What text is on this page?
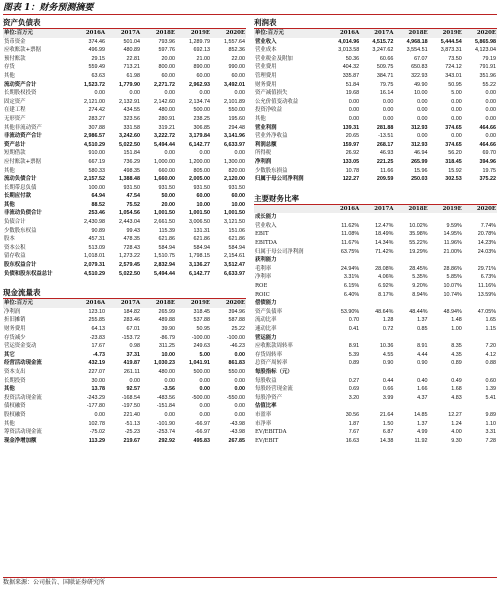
图表 1：财务预测摘要
资产负债表
单位:百万元	2016A	2017A	2018E	2019E	2020E
货币资金	374.46	501.04	793.96	1,289.79	1,557.64
应收账款+票据	496.99	480.89	597.76	692.13	852.36
预付账款	29.15	22.81	20.00	21.00	22.00
存货	559.49	713.21	800.00	890.00	990.00
其他	63.63	61.98	60.00	60.00	60.00
流动资产合计	1,523.72	1,779.90	2,271.72	2,962.93	3,492.01
长期股权投资	0.00	0.00	0.00	0.00	0.00
固定资产	2,121.00	2,132.91	2,142.60	2,134.74	2,101.89
在建工程	274.42	434.55	480.00	500.00	550.00
无形资产	283.27	323.56	280.91	238.25	195.60
其他非流动资产	307.88	331.58	319.21	306.85	294.48
非流动资产合计	2,986.57	3,242.60	3,222.72	3,179.84	3,141.96
资产总计	4,510.29	5,022.50	5,494.44	6,142.77	6,633.97
短期借款	910.00	151.84	0.00	0.00	0.00
应付账款+票据	667.19	736.29	1,000.00	1,200.00	1,300.00
其他	580.33	498.35	660.00	805.00	820.00
流动负债合计	2,157.52	1,388.48	1,660.00	2,005.00	2,120.00
长期带息负债	100.00	931.50	931.50	931.50	931.50
长期应付款	64.94	47.54	50.00	60.00	60.00
其他	88.52	75.52	20.00	10.00	10.00
非流动负债合计	253.46	1,054.56	1,001.50	1,001.50	1,001.50
负债合计	2,430.98	2,443.04	2,661.50	3,006.50	3,121.50
少数股东权益	90.89	99.43	115.39	131.31	151.06
股本	457.31	478.35	621.86	621.86	621.86
资本公积	513.09	728.43	584.94	584.94	584.94
留存收益	1,018.01	1,273.22	1,510.75	1,798.15	2,154.61
股东权益合计	2,079.31	2,579.45	2,832.94	3,136.27	3,512.47
负债和股东权益总计	4,510.29	5,022.50	5,494.44	6,142.77	6,633.97
现金流量表
单位:百万元	2016A	2017A	2018E	2019E	2020E
净利润	123.10	184.82	265.99	318.45	394.96
折旧摊销	255.85	283.46	489.88	537.88	587.88
财务费用	64.13	67.01	39.90	50.95	25.22
存货减少	-23.83	-153.72	-86.79	-100.00	-100.00
营运资金变动	17.67	0.98	311.25	249.63	-46.23
其它	-4.73	37.31	10.00	5.00	0.00
经营活动现金流	432.19	419.87	1,030.23	1,041.91	861.83
资本支出	227.07	261.11	480.00	500.00	550.00
长期投资	30.00	0.00	0.00	0.00	0.00
其他	13.78	92.57	-3.56	0.00	0.00
投资活动现金流	-243.29	-168.54	-483.56	-500.00	-550.00
债权融资	-177.80	-197.50	-151.84	0.00	0.00
股权融资	0.00	221.40	0.00	0.00	0.00
其他	102.78	-51.13	-101.90	-66.97	-43.98
筹资活动现金流	-75.02	-25.23	-253.74	-66.97	-43.98
现金净增加额	113.29	219.67	292.92	495.83	267.85
利润表
单位:百万元	2016A	2017A	2018E	2019E	2020E
营业收入	4,014.96	4,515.72	4,968.18	5,444.54	5,865.98
营业成本	3,013.58	3,247.62	3,554.51	3,873.31	4,123.04
营业税金及附加	50.36	60.66	67.07	73.50	79.19
营业费用	404.32	509.75	650.83	724.12	791.91
管理费用	335.87	384.71	322.93	343.01	351.96
财务费用	51.84	79.75	49.90	50.95	55.22
资产减值损失	19.68	16.14	10.00	5.00	0.00
公允价值变动收益	0.00	0.00	0.00	0.00	0.00
投资净收益	0.00	0.00	0.00	0.00	0.00
其他	0.00	0.00	0.00	0.00	0.00
营业利润	139.31	281.88	312.93	374.65	464.66
营业外净收益	20.65	-13.51	0.00	0.00	0.00
利润总额	159.97	268.17	312.93	374.65	464.66
所得税	26.92	46.93	46.94	56.20	69.70
净利润	133.05	221.25	265.99	318.45	394.96
少数股东损益	10.78	11.66	15.96	15.92	19.75
归属于母公司净利润	122.27	209.59	250.03	302.53	375.22
主要财务比率
	2016A	2017A	2018E	2019E	2020E
成长能力					
营业收入	11.62%	12.47%	10.02%	9.59%	7.74%
EBIT	11.08%	18.49%	35.98%	14.95%	20.78%
EBITDA	11.67%	14.34%	55.22%	11.96%	14.23%
归属于母公司净利润	63.75%	71.42%	19.29%	21.00%	24.03%
获利能力					
毛利率	24.94%	28.08%	28.45%	28.86%	29.71%
净利率	3.31%	4.06%	5.35%	5.85%	6.73%
ROE	6.15%	6.92%	9.20%	10.07%	11.16%
ROIC	6.40%	8.17%	8.94%	10.74%	13.59%
偿债能力					
资产负债率	53.90%	48.64%	48.44%	48.94%	47.05%
流动比率	0.70	1.28	1.37	1.48	1.65
速动比率	0.41	0.72	0.85	1.00	1.15
营运能力					
应收账款周转率	8.91	10.36	8.91	8.35	7.20
存货周转率	5.39	4.55	4.44	4.35	4.12
总资产周转率	0.89	0.90	0.90	0.89	0.88
每股指标（元）					
每股收益	0.27	0.44	0.40	0.49	0.60
每股经营现金流	0.69	0.66	1.66	1.68	1.39
每股净资产	3.20	3.99	4.37	4.83	5.41
估值比率					
市盈率	30.56	21.64	14.85	12.27	9.89
市净率	1.87	1.50	1.37	1.24	1.10
EV/EBITDA	7.67	6.87	4.99	4.00	3.31
EV/EBIT	16.63	14.38	11.92	9.30	7.28
数据来源：公司报告、国联证券研究所
